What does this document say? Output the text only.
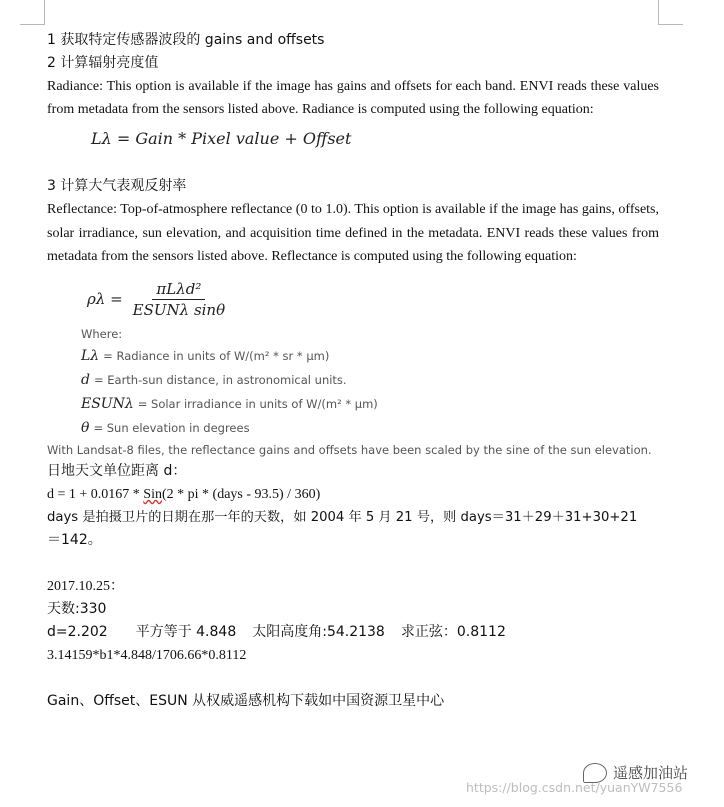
1 获取特定传感器波段的 gains and offsets
2 计算辐射亮度值
Radiance: This option is available if the image has gains and offsets for each band. ENVI reads these values from metadata from the sensors listed above. Radiance is computed using the following equation:
Lλ = Gain * Pixel value + Offset
3 计算大气表观反射率
Reflectance: Top-of-atmosphere reflectance (0 to 1.0). This option is available if the image has gains, offsets, solar irradiance, sun elevation, and acquisition time defined in the metadata. ENVI reads these values from metadata from the sensors listed above. Reflectance is computed using the following equation:
$\rho\lambda = \frac{\text{πLλd²}}{\text{ESUNλ sinθ}}$
Where:
Lλ = Radiance in units of W/(m² * sr * μm)
d = Earth-sun distance, in astronomical units.
ESUNλ = Solar irradiance in units of W/(m² * μm)
θ = Sun elevation in degrees
With Landsat-8 files, the reflectance gains and offsets have been scaled by the sine of the sun elevation.
日地天文单位距离 d：
d = 1 + 0.0167 * Sin(2 * pi * (days - 93.5) / 360)
days 是拍摄卫片的日期在那一年的天数，如 2004 年 5 月 21 号，则 days＝31＋29＋31+30+21
＝142。
2017.10.25：
天数:330
d=2.202 平方等于 4.848 太阳高度角:54.2138 求正弦：0.8112
3.14159*b1*4.848/1706.66*0.8112
Gain、Offset、ESUN 从权威遥感机构下载如中国资源卫星中心
遥感加油站
https://blog.csdn.net/yuanYW7556
